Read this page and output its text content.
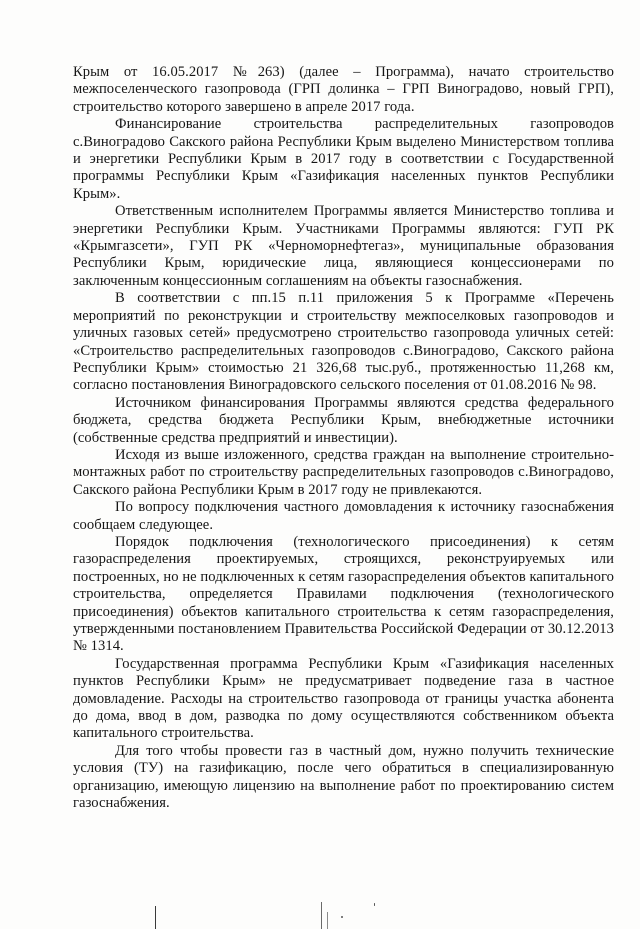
Крым от 16.05.2017 №263) (далее – Программа), начато строительство межпоселенческого газопровода (ГРП долинка – ГРП Виноградово, новый ГРП), строительство которого завершено в апреле 2017 года.

Финансирование строительства распределительных газопроводов с.Виноградово Сакского района Республики Крым выделено Министерством топлива и энергетики Республики Крым в 2017 году в соответствии с Государственной программы Республики Крым «Газификация населенных пунктов Республики Крым».

Ответственным исполнителем Программы является Министерство топлива и энергетики Республики Крым. Участниками Программы являются: ГУП РК «Крымгазсети», ГУП РК «Черноморнефтегаз», муниципальные образования Республики Крым, юридические лица, являющиеся концессионерами по заключенным концессионным соглашениям на объекты газоснабжения.

В соответствии с пп.15 п.11 приложения 5 к Программе «Перечень мероприятий по реконструкции и строительству межпоселковых газопроводов и уличных газовых сетей» предусмотрено строительство газопровода уличных сетей: «Строительство распределительных газопроводов с.Виноградово, Сакского района Республики Крым» стоимостью 21 326,68 тыс.руб., протяженностью 11,268 км, согласно постановления Виноградовского сельского поселения от 01.08.2016 № 98.

Источником финансирования Программы являются средства федерального бюджета, средства бюджета Республики Крым, внебюджетные источники (собственные средства предприятий и инвестиции).

Исходя из выше изложенного, средства граждан на выполнение строительно-монтажных работ по строительству распределительных газопроводов с.Виноградово, Сакского района Республики Крым в 2017 году не привлекаются.

По вопросу подключения частного домовладения к источнику газоснабжения сообщаем следующее.

Порядок подключения (технологического присоединения) к сетям газораспределения проектируемых, строящихся, реконструируемых или построенных, но не подключенных к сетям газораспределения объектов капитального строительства, определяется Правилами подключения (технологического присоединения) объектов капитального строительства к сетям газораспределения, утвержденными постановлением Правительства Российской Федерации от 30.12.2013 № 1314.

Государственная программа Республики Крым «Газификация населенных пунктов Республики Крым» не предусматривает подведение газа в частное домовладение. Расходы на строительство газопровода от границы участка абонента до дома, ввод в дом, разводка по дому осуществляются собственником объекта капитального строительства.

Для того чтобы провести газ в частный дом, нужно получить технические условия (ТУ) на газификацию, после чего обратиться в специализированную организацию, имеющую лицензию на выполнение работ по проектированию систем газоснабжения.
